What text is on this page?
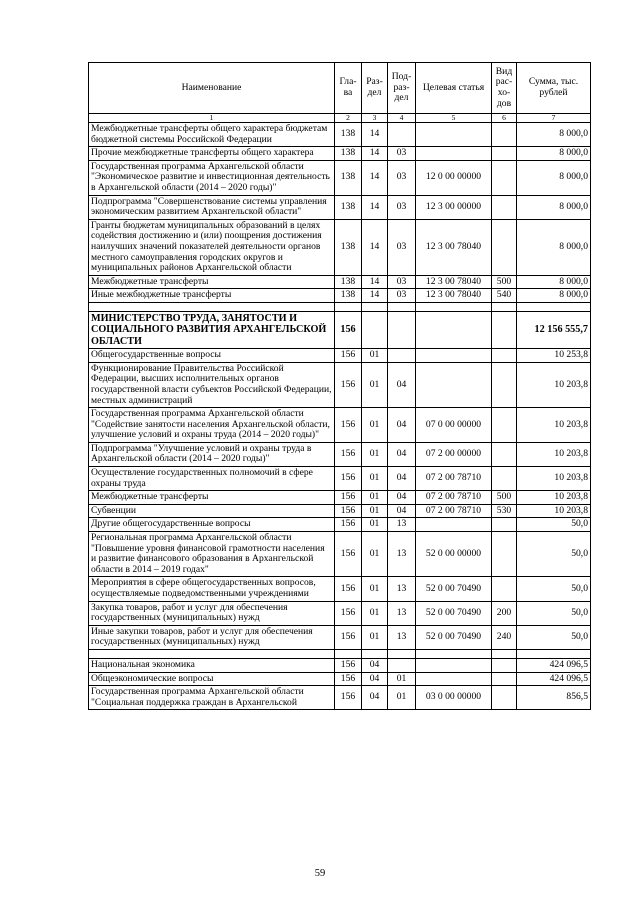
Наименование	Гла-ва	Раз-дел	Под-раз-дел	Целевая статья	Вид рас-хо-дов	Сумма, тыс. рублей
1	2	3	4	5	6	7
Межбюджетные трансферты общего характера бюджетам бюджетной системы Российской Федерации	138	14				8 000,0
Прочие межбюджетные трансферты общего характера	138	14	03			8 000,0
Государственная программа Архангельской области "Экономическое развитие и инвестиционная деятельность в Архангельской области (2014 – 2020 годы)"	138	14	03	12 0 00 00000		8 000,0
Подпрограмма "Совершенствование системы управления экономическим развитием Архангельской области"	138	14	03	12 3 00 00000		8 000,0
Гранты бюджетам муниципальных образований в целях содействия достижению и (или) поощрения достижения наилучших значений показателей деятельности органов местного самоуправления городских округов и муниципальных районов Архангельской области	138	14	03	12 3 00 78040		8 000,0
Межбюджетные трансферты	138	14	03	12 3 00 78040	500	8 000,0
Иные межбюджетные трансферты	138	14	03	12 3 00 78040	540	8 000,0

МИНИСТЕРСТВО ТРУДА, ЗАНЯТОСТИ И СОЦИАЛЬНОГО РАЗВИТИЯ АРХАНГЕЛЬСКОЙ ОБЛАСТИ	156					12 156 555,7
Общегосударственные вопросы	156	01				10 253,8
Функционирование Правительства Российской Федерации, высших исполнительных органов государственной власти субъектов Российской Федерации, местных администраций	156	01	04			10 203,8
Государственная программа Архангельской области "Содействие занятости населения Архангельской области, улучшение условий и охраны труда (2014 – 2020 годы)"	156	01	04	07 0 00 00000		10 203,8
Подпрограмма "Улучшение условий и охраны труда в Архангельской области (2014 – 2020 годы)"	156	01	04	07 2 00 00000		10 203,8
Осуществление государственных полномочий в сфере охраны труда	156	01	04	07 2 00 78710		10 203,8
Межбюджетные трансферты	156	01	04	07 2 00 78710	500	10 203,8
Субвенции	156	01	04	07 2 00 78710	530	10 203,8
Другие общегосударственные вопросы	156	01	13			50,0
Региональная программа Архангельской области "Повышение уровня финансовой грамотности населения и развитие финансового образования в Архангельской области в 2014 – 2019 годах"	156	01	13	52 0 00 00000		50,0
Мероприятия в сфере общегосударственных вопросов, осуществляемые подведомственными учреждениями	156	01	13	52 0 00 70490		50,0
Закупка товаров, работ и услуг для обеспечения государственных (муниципальных) нужд	156	01	13	52 0 00 70490	200	50,0
Иные закупки товаров, работ и услуг для обеспечения государственных (муниципальных) нужд	156	01	13	52 0 00 70490	240	50,0

Национальная экономика	156	04				424 096,5
Общеэкономические вопросы	156	04	01			424 096,5
Государственная программа Архангельской области "Социальная поддержка граждан в Архангельской	156	04	01	03 0 00 00000		856,5
59
